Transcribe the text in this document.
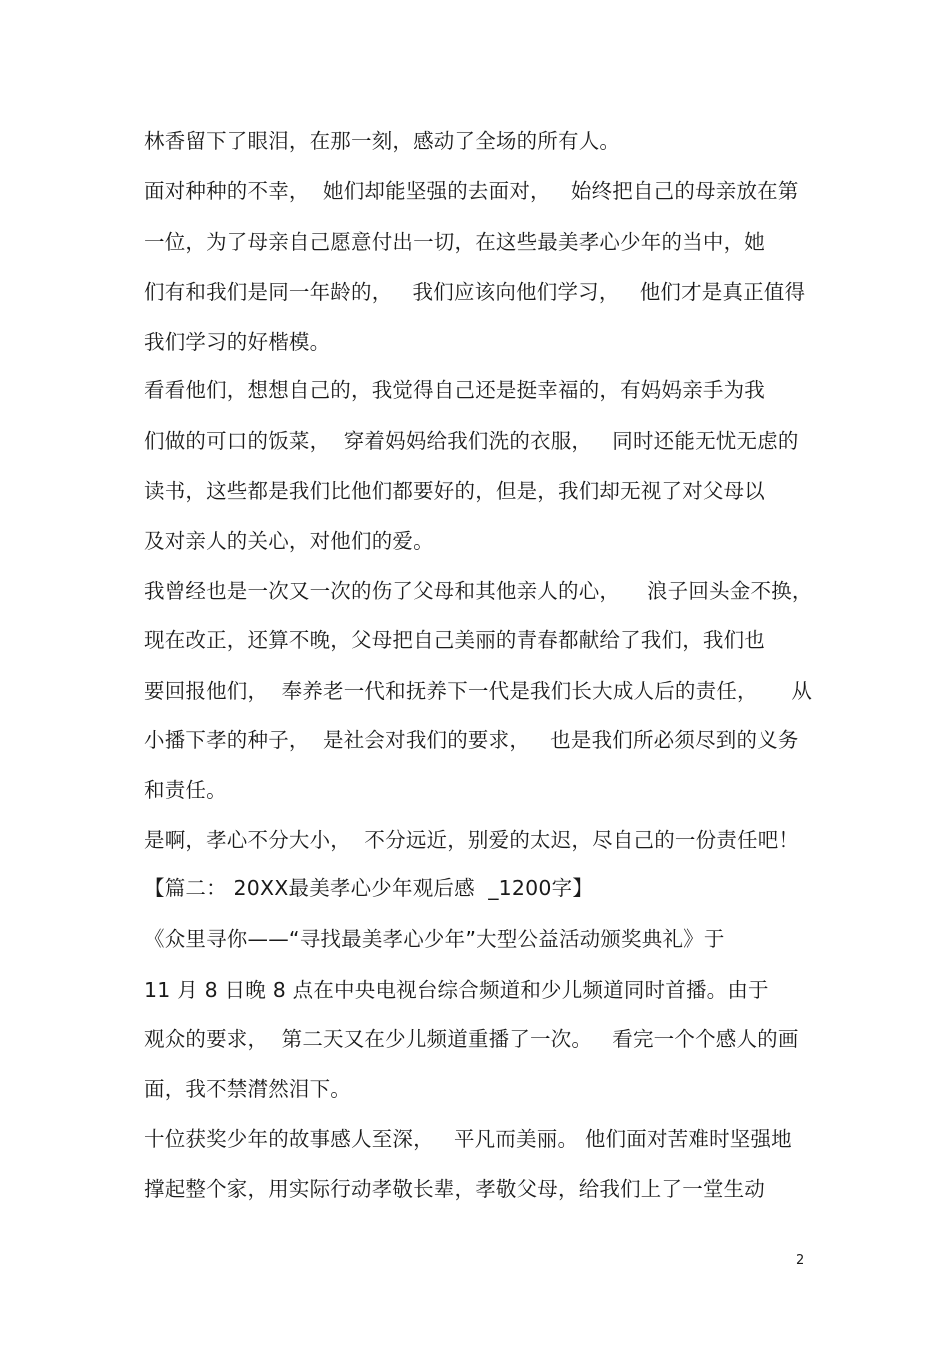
林香留下了眼泪，在那一刻，感动了全场的所有人。
面对种种的不幸，  她们却能坚强的去面对，   始终把自己的母亲放在第
一位，为了母亲自己愿意付出一切，在这些最美孝心少年的当中，她
们有和我们是同一年龄的，   我们应该向他们学习，   他们才是真正值得
我们学习的好楷模。
看看他们，想想自己的，我觉得自己还是挺幸福的，有妈妈亲手为我
们做的可口的饭菜，  穿着妈妈给我们洗的衣服，   同时还能无忧无虑的
读书，这些都是我们比他们都要好的，但是，我们却无视了对父母以
及对亲人的关心，对他们的爱。
我曾经也是一次又一次的伤了父母和其他亲人的心，    浪子回头金不换，
现在改正，还算不晚，父母把自己美丽的青春都献给了我们，我们也
要回报他们，  奉养老一代和抚养下一代是我们长大成人后的责任，     从
小播下孝的种子，  是社会对我们的要求，   也是我们所必须尽到的义务
和责任。
是啊，孝心不分大小，  不分远近，别爱的太迟，尽自己的一份责任吧！
【篇二： 20XX最美孝心少年观后感  _1200字】
《众里寻你——“寻找最美孝心少年”大型公益活动颁奖典礼》于
11 月 8 日晚 8 点在中央电视台综合频道和少儿频道同时首播。由于
观众的要求，  第二天又在少儿频道重播了一次。   看完一个个感人的画
面，我不禁潸然泪下。
十位获奖少年的故事感人至深，   平凡而美丽。 他们面对苦难时坚强地
撑起整个家，用实际行动孝敬长辈，孝敬父母，给我们上了一堂生动
2
